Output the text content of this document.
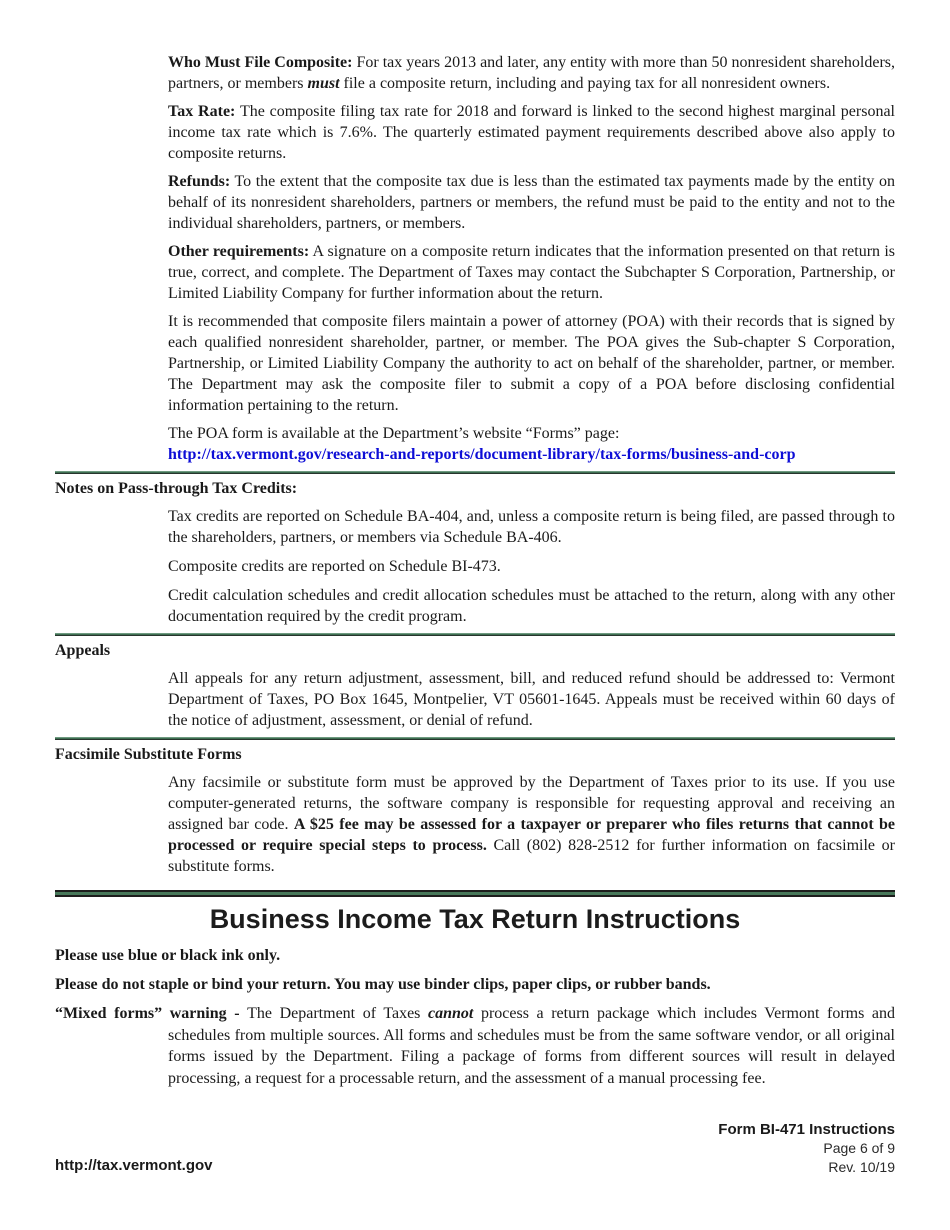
Who Must File Composite: For tax years 2013 and later, any entity with more than 50 nonresident shareholders, partners, or members must file a composite return, including and paying tax for all nonresident owners.

Tax Rate: The composite filing tax rate for 2018 and forward is linked to the second highest marginal personal income tax rate which is 7.6%. The quarterly estimated payment requirements described above also apply to composite returns.

Refunds: To the extent that the composite tax due is less than the estimated tax payments made by the entity on behalf of its nonresident shareholders, partners or members, the refund must be paid to the entity and not to the individual shareholders, partners, or members.

Other requirements: A signature on a composite return indicates that the information presented on that return is true, correct, and complete. The Department of Taxes may contact the Subchapter S Corporation, Partnership, or Limited Liability Company for further information about the return.

It is recommended that composite filers maintain a power of attorney (POA) with their records that is signed by each qualified nonresident shareholder, partner, or member. The POA gives the Sub-chapter S Corporation, Partnership, or Limited Liability Company the authority to act on behalf of the shareholder, partner, or member. The Department may ask the composite filer to submit a copy of a POA before disclosing confidential information pertaining to the return.

The POA form is available at the Department’s website “Forms” page:

http://tax.vermont.gov/research-and-reports/document-library/tax-forms/business-and-corp

Notes on Pass-through Tax Credits:

Tax credits are reported on Schedule BA-404, and, unless a composite return is being filed, are passed through to the shareholders, partners, or members via Schedule BA-406.

Composite credits are reported on Schedule BI-473.

Credit calculation schedules and credit allocation schedules must be attached to the return, along with any other documentation required by the credit program.

Appeals

All appeals for any return adjustment, assessment, bill, and reduced refund should be addressed to: Vermont Department of Taxes, PO Box 1645, Montpelier, VT 05601-1645. Appeals must be received within 60 days of the notice of adjustment, assessment, or denial of refund.

Facsimile Substitute Forms

Any facsimile or substitute form must be approved by the Department of Taxes prior to its use. If you use computer-generated returns, the software company is responsible for requesting approval and receiving an assigned bar code. A $25 fee may be assessed for a taxpayer or preparer who files returns that cannot be processed or require special steps to process. Call (802) 828-2512 for further information on facsimile or substitute forms.

Business Income Tax Return Instructions

Please use blue or black ink only.

Please do not staple or bind your return. You may use binder clips, paper clips, or rubber bands.

“Mixed forms” warning - The Department of Taxes cannot process a return package which includes Vermont forms and schedules from multiple sources. All forms and schedules must be from the same software vendor, or all original forms issued by the Department. Filing a package of forms from different sources will result in delayed processing, a request for a processable return, and the assessment of a manual processing fee.

Form BI-471 Instructions
Page 6 of 9
Rev. 10/19
http://tax.vermont.gov
